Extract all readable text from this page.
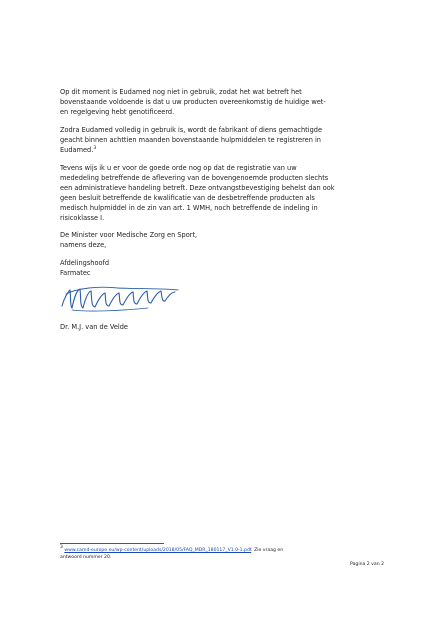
Op dit moment is Eudamed nog niet in gebruik, zodat het wat betreft het
bovenstaande voldoende is dat u uw producten overeenkomstig de huidige wet-
en regelgeving hebt genotificeerd.

Zodra Eudamed volledig in gebruik is, wordt de fabrikant of diens gemachtigde
geacht binnen achttien maanden bovenstaande hulpmiddelen te registreren in
Eudamed.$^3$

Tevens wijs ik u er voor de goede orde nog op dat de registratie van uw
mededeling betreffende de aflevering van de bovengenoemde producten slechts
een administratieve handeling betreft. Deze ontvangstbevestiging behelst dan ook
geen besluit betreffende de kwalificatie van de desbetreffende producten als
medisch hulpmiddel in de zin van art. 1 WMH, noch betreffende de indeling in
risicoklasse I.

De Minister voor Medische Zorg en Sport,
namens deze,
Afdelingshoofd
Farmatec
Dr. M.J. van de Velde
$^3$ www.camd-europe.eu/wp-content/uploads/2018/05/FAQ_MDR_180117_V1.0-1.pdf. Zie vraag en
antwoord nummer 20.
Pagina 2 van 2
